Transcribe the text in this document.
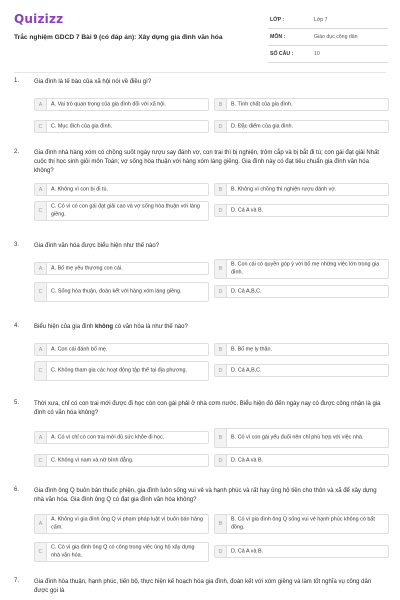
Quizizz
Trắc nghiệm GDCD 7 Bài 9 (có đáp án): Xây dựng gia đình văn hóa
LỚP :	Lớp 7
MÔN :	Giáo dục công dân
SỐ CÂU :	10
1. Gia đình là tế bào của xã hội nói về điều gì?
A	A. Vai trò quan trọng của gia đình đối với xã hội.	B	B. Tính chất của gia đình.
C	C. Mục đích của gia đình.	D	D. Đặc điểm của gia đình.
2. Gia đình nhà hàng xóm có chồng suốt ngày rượu say đánh vợ, con trai thì bị nghiện, trộm cắp và bị bắt đi tù; con gái đạt giải Nhất cuộc thi học sinh giỏi môn Toán; vợ sống hòa thuận với hàng xóm láng giềng. Gia đình này có đạt tiêu chuẩn gia đình văn hóa không?
A	A. Không vì con bị đi tù.	B	B. Không vì chồng thì nghiện rượu đánh vợ.
C
C. Có vì có con gái đạt giải cao và vợ sống hòa thuận với láng giềng.
D	D. Cả A và B.
3. Gia đình văn hóa được biểu hiện như thế nào?
A	A. Bố mẹ yêu thương con cái.	B
B. Con cái có quyền góp ý với bố mẹ những việc lớn trong gia đình.
C	C. Sống hòa thuận, đoàn kết với hàng xóm láng giềng.	D	D. Cả A,B,C.
4. Biểu hiện của gia đình không có văn hóa là như thế nào?
A	A. Con cái đánh bố mẹ.	B	B. Bố mẹ ly thân.
C	C. Không tham gia các hoạt động tập thể tại địa phương.	D	D. Cả A,B,C.
5. Thời xưa, chỉ có con trai mới được đi học còn con gái phải ở nhà cơm nước. Biểu hiện đó đến ngày nay có được công nhận là gia đình có văn hóa không?
A	A. Có vì chỉ có con trai mới đủ sức khỏe đi học.	B	B. Có vì con gái yếu đuối nên chỉ phù hợp với việc nhà.
C	C. Không vì nam và nữ bình đẳng.	D	D. Cả A và B.
6. Gia đình ông Q buôn bán thuốc phiện, gia đình luôn sống vui vẻ và hạnh phúc và rất hay ủng hộ tiền cho thôn và xã để xây dựng nhà văn hóa. Gia đình ông Q có đạt gia đình văn hóa không?
A
A. Không vì gia đình ông Q vi phạm pháp luật vì buôn bán hàng cấm.	B
B. Có vì gia đình ông Q sống vui vẻ hạnh phúc không có bất đồng.
C
C. Có vì gia đình ông Q có công trong việc ủng hộ xây dựng nhà văn hóa.
D	D. Cả A và B.
7. Gia đình hòa thuận, hạnh phúc, tiến bộ, thực hiện kế hoạch hóa gia đình, đoàn kết với xóm giềng và làm tốt nghĩa vụ công dân được gọi là
